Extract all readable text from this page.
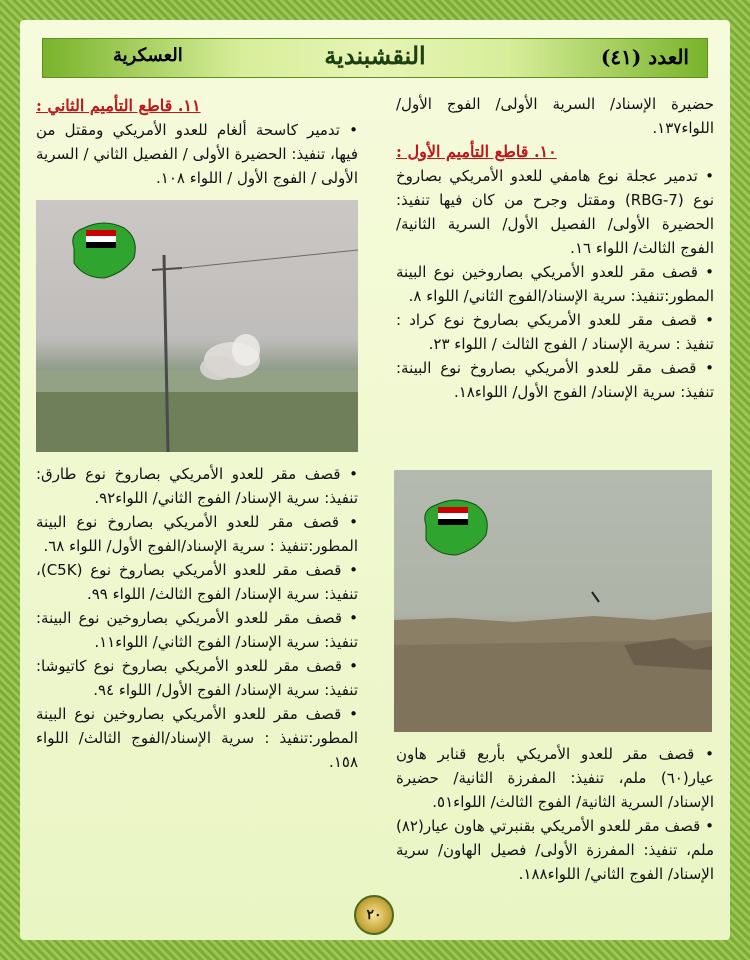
العدد (٤١)
النقشبندية
العسكرية

حضيرة الإسناد/ السرية الأولى/ الفوج الأول/ اللواء١٣٧.

١٠. قاطع التأميم الأول :

• تدمير عجلة نوع هامفي للعدو الأمريكي بصاروخ نوع (RBG-7) ومقتل وجرح من كان فيها تنفيذ: الحضيرة الأولى/ الفصيل الأول/ السرية الثانية/ الفوج الثالث/ اللواء ١٦.

• قصف مقر للعدو الأمريكي بصاروخين نوع البينة المطور:تنفيذ: سرية الإسناد/الفوج الثاني/ اللواء ٨.

• قصف مقر للعدو الأمريكي بصاروخ نوع كراد : تنفيذ : سرية الإسناد / الفوج الثالث / اللواء ٢٣.

• قصف مقر للعدو الأمريكي بصاروخ نوع البينة: تنفيذ: سرية الإسناد/ الفوج الأول/ اللواء١٨.

• قصف مقر للعدو الأمريكي بأربع قنابر هاون عيار(٦٠) ملم، تنفيذ: المفرزة الثانية/ حضيرة الإسناد/ السرية الثانية/ الفوج الثالث/ اللواء٥١.

• قصف مقر للعدو الأمريكي بقنبرتي هاون عيار(٨٢) ملم، تنفيذ: المفرزة الأولى/ فصيل الهاون/ سرية الإسناد/ الفوج الثاني/ اللواء١٨٨.

١١. قاطع التأميم الثاني :

• تدمير كاسحة ألغام للعدو الأمريكي ومقتل من فيها، تنفيذ: الحضيرة الأولى / الفصيل الثاني / السرية الأولى / الفوج الأول / اللواء ١٠٨.

• قصف مقر للعدو الأمريكي بصاروخ نوع طارق: تنفيذ: سرية الإسناد/ الفوج الثاني/ اللواء٩٢.

• قصف مقر للعدو الأمريكي بصاروخ نوع البينة المطور:تنفيذ : سرية الإسناد/الفوج الأول/ اللواء ٦٨.

• قصف مقر للعدو الأمريكي بصاروخ نوع (C5K)، تنفيذ: سرية الإسناد/ الفوج الثالث/ اللواء ٩٩.

• قصف مقر للعدو الأمريكي بصاروخين نوع البينة: تنفيذ: سرية الإسناد/ الفوج الثاني/ اللواء١١.

• قصف مقر للعدو الأمريكي بصاروخ نوع كاتيوشا: تنفيذ: سرية الإسناد/ الفوج الأول/ اللواء ٩٤.

• قصف مقر للعدو الأمريكي بصاروخين نوع البينة المطور:تنفيذ : سرية الإسناد/الفوج الثالث/ اللواء ١٥٨.

٢٠
